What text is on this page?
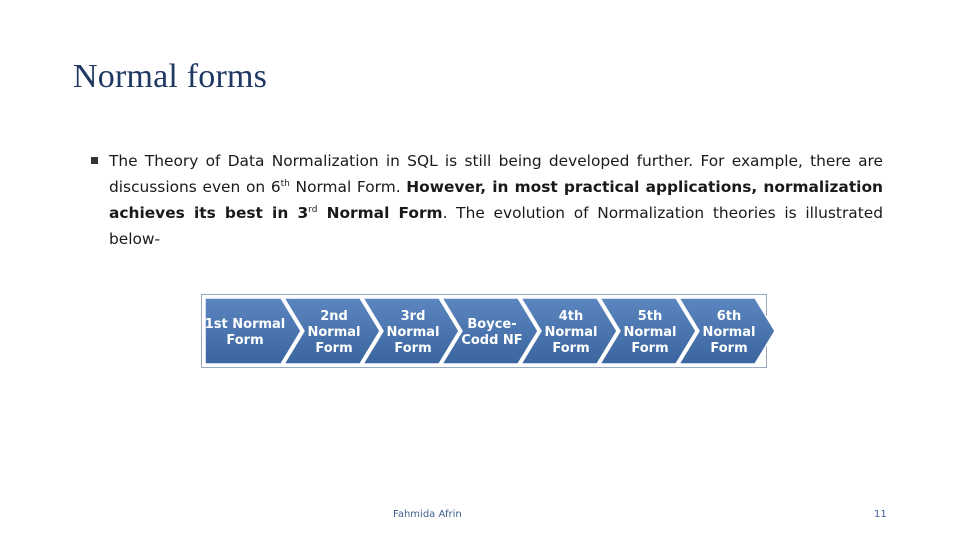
Normal forms
The Theory of Data Normalization in SQL is still being developed further. For example, there are discussions even on 6th Normal Form. However, in most practical applications, normalization achieves its best in 3rd Normal Form. The evolution of Normalization theories is illustrated below-
1st Normal Form
2nd Normal Form
3rd Normal Form
Boyce-Codd NF
4th Normal Form
5th Normal Form
6th Normal Form
Fahmida Afrin	11
